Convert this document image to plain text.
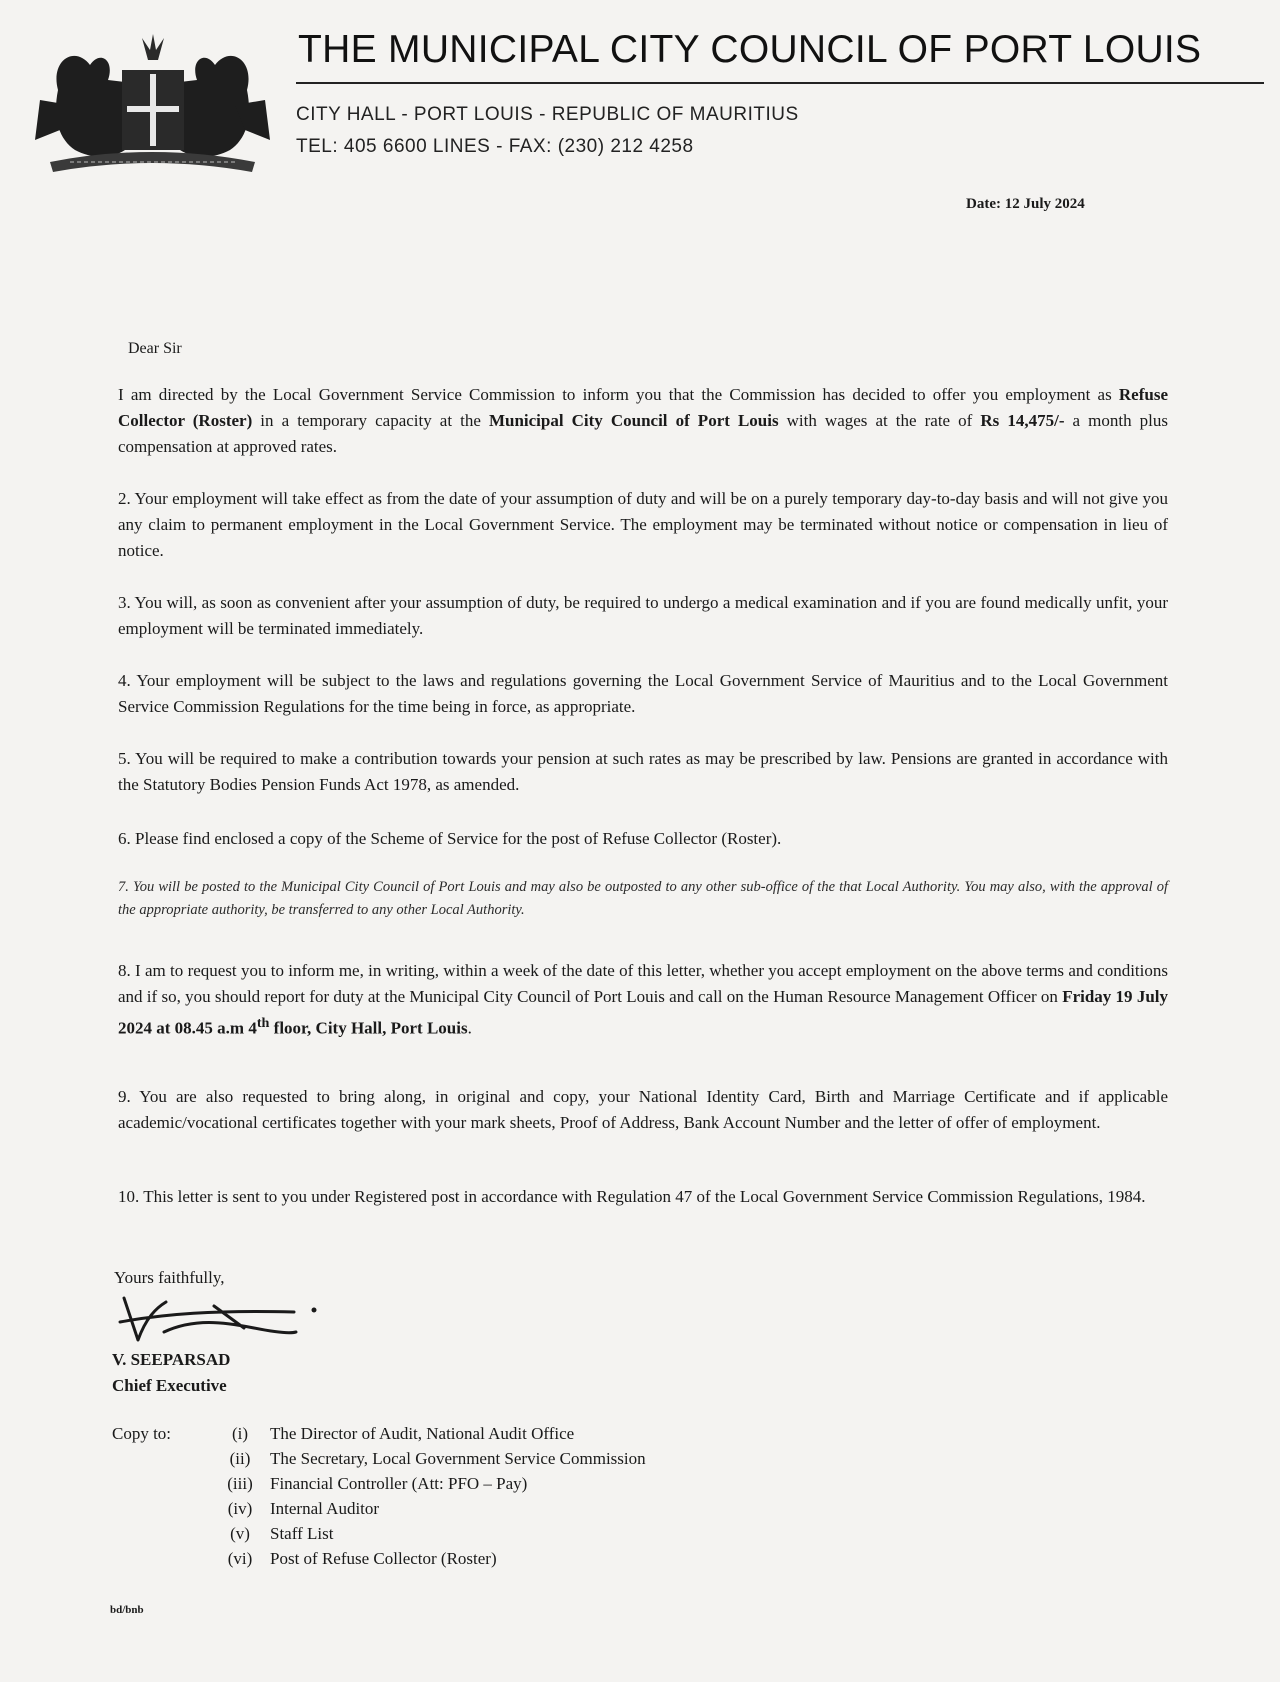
THE MUNICIPAL CITY COUNCIL OF PORT LOUIS
CITY HALL - PORT LOUIS - REPUBLIC OF MAURITIUS
TEL: 405 6600 LINES - FAX: (230) 212 4258
Date: 12 July 2024
Dear Sir

I am directed by the Local Government Service Commission to inform you that the Commission has decided to offer you employment as Refuse Collector (Roster) in a temporary capacity at the Municipal City Council of Port Louis with wages at the rate of Rs 14,475/- a month plus compensation at approved rates.

2. Your employment will take effect as from the date of your assumption of duty and will be on a purely temporary day-to-day basis and will not give you any claim to permanent employment in the Local Government Service. The employment may be terminated without notice or compensation in lieu of notice.

3. You will, as soon as convenient after your assumption of duty, be required to undergo a medical examination and if you are found medically unfit, your employment will be terminated immediately.

4. Your employment will be subject to the laws and regulations governing the Local Government Service of Mauritius and to the Local Government Service Commission Regulations for the time being in force, as appropriate.

5. You will be required to make a contribution towards your pension at such rates as may be prescribed by law. Pensions are granted in accordance with the Statutory Bodies Pension Funds Act 1978, as amended.

6. Please find enclosed a copy of the Scheme of Service for the post of Refuse Collector (Roster).

7. You will be posted to the Municipal City Council of Port Louis and may also be outposted to any other sub-office of the that Local Authority. You may also, with the approval of the appropriate authority, be transferred to any other Local Authority.

8. I am to request you to inform me, in writing, within a week of the date of this letter, whether you accept employment on the above terms and conditions and if so, you should report for duty at the Municipal City Council of Port Louis and call on the Human Resource Management Officer on Friday 19 July 2024 at 08.45 a.m 4th floor, City Hall, Port Louis.

9. You are also requested to bring along, in original and copy, your National Identity Card, Birth and Marriage Certificate and if applicable academic/vocational certificates together with your mark sheets, Proof of Address, Bank Account Number and the letter of offer of employment.

10. This letter is sent to you under Registered post in accordance with Regulation 47 of the Local Government Service Commission Regulations, 1984.

Yours faithfully,
V. SEEPARSAD
Chief Executive
Copy to:	(i)	The Director of Audit, National Audit Office
(ii)	The Secretary, Local Government Service Commission
(iii)	Financial Controller (Att: PFO – Pay)
(iv)	Internal Auditor
(v)	Staff List
(vi)	Post of Refuse Collector (Roster)
bd/bnb
